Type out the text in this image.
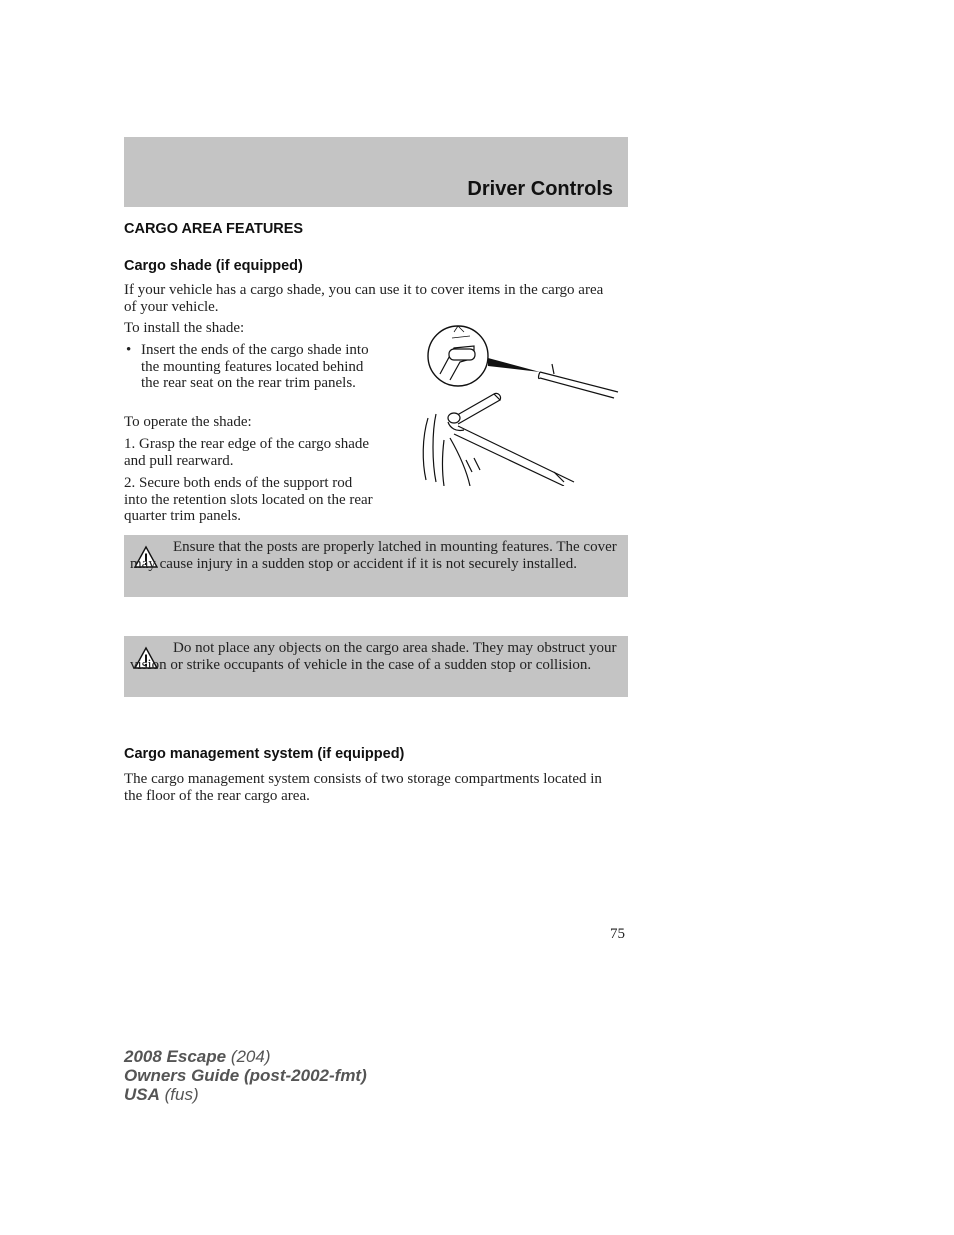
Driver Controls

CARGO AREA FEATURES

Cargo shade (if equipped)

If your vehicle has a cargo shade, you can use it to cover items in the cargo area of your vehicle.

To install the shade:

• Insert the ends of the cargo shade into the mounting features located behind the rear seat on the rear trim panels.

To operate the shade:

1. Grasp the rear edge of the cargo shade and pull rearward.

2. Secure both ends of the support rod into the retention slots located on the rear quarter trim panels.

Ensure that the posts are properly latched in mounting features. The cover may cause injury in a sudden stop or accident if it is not securely installed.

Do not place any objects on the cargo area shade. They may obstruct your vision or strike occupants of vehicle in the case of a sudden stop or collision.

Cargo management system (if equipped)

The cargo management system consists of two storage compartments located in the floor of the rear cargo area.

75
2008 Escape (204)
Owners Guide (post-2002-fmt)
USA (fus)
